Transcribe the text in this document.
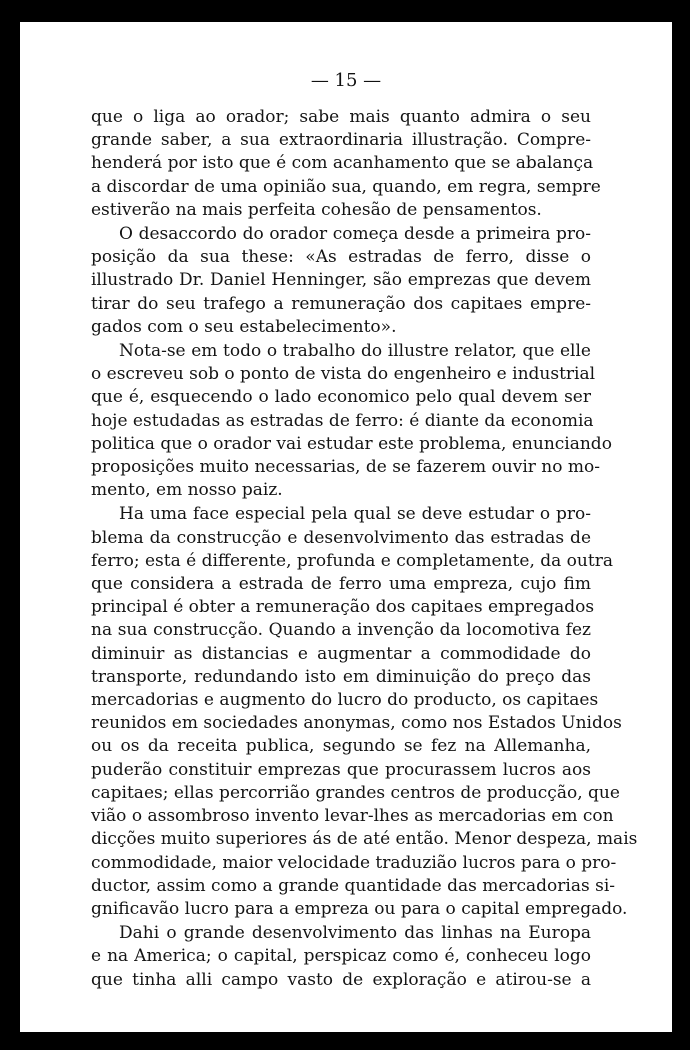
— 15 —
que o liga ao orador; sabe mais quanto admira o seu
grande saber, a sua extraordinaria illustração. Compre-
henderá por isto que é com acanhamento que se abalança
a discordar de uma opinião sua, quando, em regra, sempre
estiverão na mais perfeita cohesão de pensamentos.
O desaccordo do orador começa desde a primeira pro-
posição da sua these: «As estradas de ferro, disse o
illustrado Dr. Daniel Henninger, são emprezas que devem
tirar do seu trafego a remuneração dos capitaes empre-
gados com o seu estabelecimento».
Nota-se em todo o trabalho do illustre relator, que elle
o escreveu sob o ponto de vista do engenheiro e industrial
que é, esquecendo o lado economico pelo qual devem ser
hoje estudadas as estradas de ferro: é diante da economia
politica que o orador vai estudar este problema, enunciando
proposições muito necessarias, de se fazerem ouvir no mo-
mento, em nosso paiz.
Ha uma face especial pela qual se deve estudar o pro-
blema da construcção e desenvolvimento das estradas de
ferro; esta é differente, profunda e completamente, da outra
que considera a estrada de ferro uma empreza, cujo fim
principal é obter a remuneração dos capitaes empregados
na sua construcção. Quando a invenção da locomotiva fez
diminuir as distancias e augmentar a commodidade do
transporte, redundando isto em diminuição do preço das
mercadorias e augmento do lucro do producto, os capitaes
reunidos em sociedades anonymas, como nos Estados Unidos
ou os da receita publica, segundo se fez na Allemanha,
puderão constituir emprezas que procurassem lucros aos
capitaes; ellas percorrião grandes centros de producção, que
vião o assombroso invento levar-lhes as mercadorias em con
dicções muito superiores ás de até então. Menor despeza, mais
commodidade, maior velocidade traduzião lucros para o pro-
ductor, assim como a grande quantidade das mercadorias si-
gnificavão lucro para a empreza ou para o capital empregado.
Dahi o grande desenvolvimento das linhas na Europa
e na America; o capital, perspicaz como é, conheceu logo
que tinha alli campo vasto de exploração e atirou-se a
